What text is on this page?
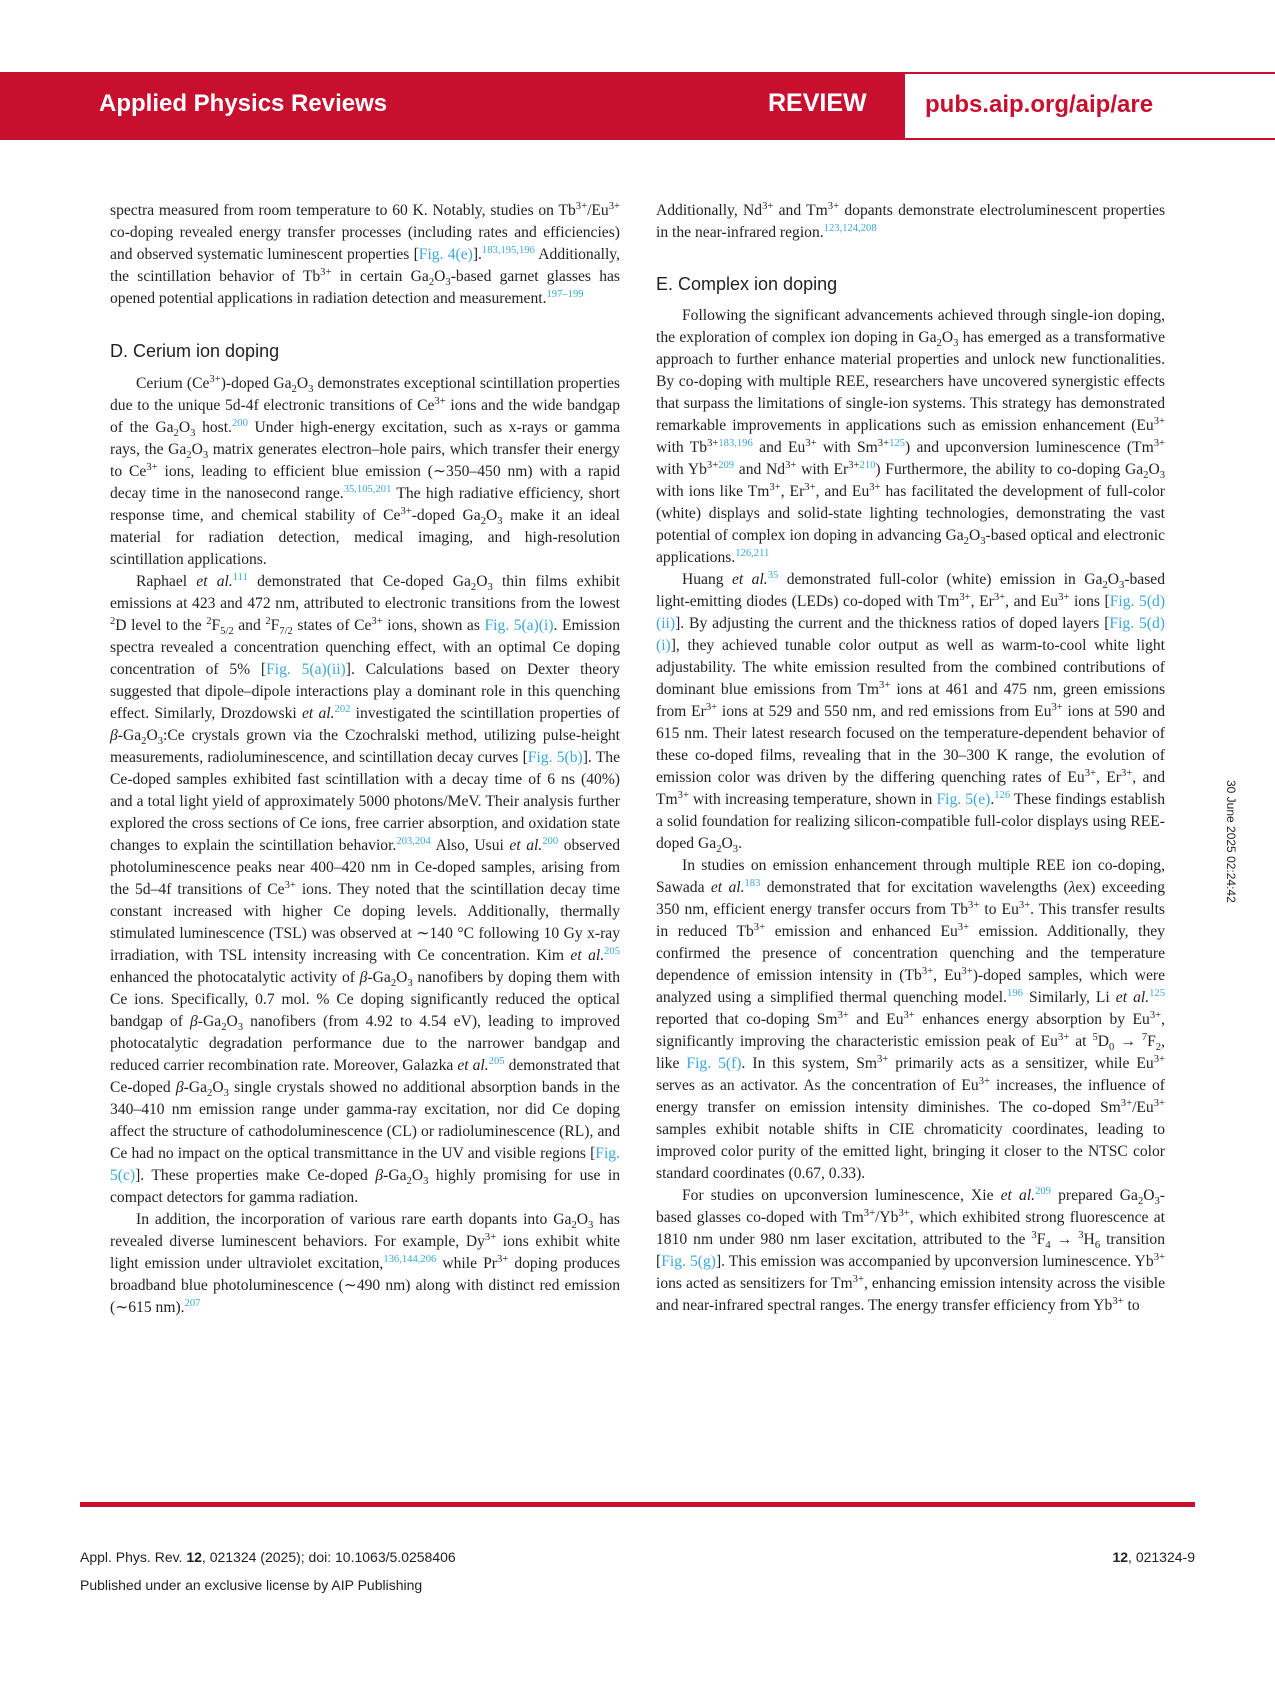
Applied Physics Reviews	REVIEW pubs.aip.org/aip/are

spectra measured from room temperature to 60 K. Notably, studies on $Tb^{3+}/Eu^{3+}$ co-doping revealed energy transfer processes (including rates and efficiencies) and observed systematic luminescent properties [Fig. 4(e)].$^{183,195,196}$ Additionally, the scintillation behavior of $Tb^{3+}$ in certain $Ga_2O_3$-based garnet glasses has opened potential applications in radiation detection and measurement.$^{197-199}$

D. Cerium ion doping

Cerium $(Ce^{3+})$-doped $Ga_2O_3$ demonstrates exceptional scintillation properties due to the unique 5d-4f electronic transitions of $Ce^{3+}$ ions and the wide bandgap of the $Ga_2O_3$ host.$^{200}$ Under high-energy excitation, such as x-rays or gamma rays, the $Ga_2O_3$ matrix generates electron–hole pairs, which transfer their energy to $Ce^{3+}$ ions, leading to efficient blue emission (∼350–450 nm) with a rapid decay time in the nanosecond range.$^{35,105,201}$ The high radiative efficiency, short response time, and chemical stability of $Ce^{3+}$-doped $Ga_2O_3$ make it an ideal material for radiation detection, medical imaging, and high-resolution scintillation applications.

Raphael et al.$^{111}$ demonstrated that Ce-doped $Ga_2O_3$ thin films exhibit emissions at 423 and 472 nm, attributed to electronic transitions from the lowest $^2$D level to the $^2F_{5/2}$ and $^2F_{7/2}$ states of $Ce^{3+}$ ions, shown as Fig. 5(a)(i). Emission spectra revealed a concentration quenching effect, with an optimal Ce doping concentration of 5% [Fig. 5(a)(ii)]. Calculations based on Dexter theory suggested that dipole–dipole interactions play a dominant role in this quenching effect. Similarly, Drozdowski et al.$^{202}$ investigated the scintillation properties of $\beta-Ga_2O_3:Ce$ crystals grown via the Czochralski method, utilizing pulse-height measurements, radioluminescence, and scintillation decay curves [Fig. 5(b)]. The Ce-doped samples exhibited fast scintillation with a decay time of 6 ns (40%) and a total light yield of approximately 5000 photons/MeV. Their analysis further explored the cross sections of Ce ions, free carrier absorption, and oxidation state changes to explain the scintillation behavior.$^{203,204}$ Also, Usui et al.$^{200}$ observed photoluminescence peaks near 400–420 nm in Ce-doped samples, arising from the 5d–4f transitions of $Ce^{3+}$ ions. They noted that the scintillation decay time constant increased with higher Ce doping levels. Additionally, thermally stimulated luminescence (TSL) was observed at ∼140 °C following 10 Gy x-ray irradiation, with TSL intensity increasing with Ce concentration. Kim et al.$^{205}$ enhanced the photocatalytic activity of $\beta-Ga_2O_3$ nanofibers by doping them with Ce ions. Specifically, 0.7 mol. % Ce doping significantly reduced the optical bandgap of $\beta-Ga_2O_3$ nanofibers (from 4.92 to 4.54 eV), leading to improved photocatalytic degradation performance due to the narrower bandgap and reduced carrier recombination rate. Moreover, Galazka et al.$^{205}$ demonstrated that Ce-doped $\beta-Ga_2O_3$ single crystals showed no additional absorption bands in the 340–410 nm emission range under gamma-ray excitation, nor did Ce doping affect the structure of cathodoluminescence (CL) or radioluminescence (RL), and Ce had no impact on the optical transmittance in the UV and visible regions [Fig. 5(c)]. These properties make Ce-doped $\beta-Ga_2O_3$ highly promising for use in compact detectors for gamma radiation.

In addition, the incorporation of various rare earth dopants into $Ga_2O_3$ has revealed diverse luminescent behaviors. For example, $Dy^{3+}$ ions exhibit white light emission under ultraviolet excitation,$^{136,144,206}$ while $Pr^{3+}$ doping produces broadband blue photoluminescence (∼490 nm) along with distinct red emission (∼615 nm).$^{207}$

Additionally, $Nd^{3+}$ and $Tm^{3+}$ dopants demonstrate electroluminescent properties in the near-infrared region.$^{123,124,208}$

E. Complex ion doping

Following the significant advancements achieved through single-ion doping, the exploration of complex ion doping in $Ga_2O_3$ has emerged as a transformative approach to further enhance material properties and unlock new functionalities. By co-doping with multiple REE, researchers have uncovered synergistic effects that surpass the limitations of single-ion systems. This strategy has demonstrated remarkable improvements in applications such as emission enhancement ($Eu^{3+}$ with $Tb^{3+183,196}$ and $Eu^{3+}$ with $Sm^{3+125}$) and upconversion luminescence ($Tm^{3+}$ with $Yb^{3+209}$ and $Nd^{3+}$ with $Er^{3+210}$) Furthermore, the ability to co-doping $Ga_2O_3$ with ions like $Tm^{3+}$, $Er^{3+}$, and $Eu^{3+}$ has facilitated the development of full-color (white) displays and solid-state lighting technologies, demonstrating the vast potential of complex ion doping in advancing $Ga_2O_3$-based optical and electronic applications.$^{126,211}$

Huang et al.$^{35}$ demonstrated full-color (white) emission in $Ga_2O_3$-based light-emitting diodes (LEDs) co-doped with $Tm^{3+}$, $Er^{3+}$, and $Eu^{3+}$ ions [Fig. 5(d)(ii)]. By adjusting the current and the thickness ratios of doped layers [Fig. 5(d)(i)], they achieved tunable color output as well as warm-to-cool white light adjustability. The white emission resulted from the combined contributions of dominant blue emissions from $Tm^{3+}$ ions at 461 and 475 nm, green emissions from $Er^{3+}$ ions at 529 and 550 nm, and red emissions from $Eu^{3+}$ ions at 590 and 615 nm. Their latest research focused on the temperature-dependent behavior of these co-doped films, revealing that in the 30–300 K range, the evolution of emission color was driven by the differing quenching rates of $Eu^{3+}$, $Er^{3+}$, and $Tm^{3+}$ with increasing temperature, shown in Fig. 5(e).$^{126}$ These findings establish a solid foundation for realizing silicon-compatible full-color displays using REE-doped $Ga_2O_3$.

In studies on emission enhancement through multiple REE ion co-doping, Sawada et al.$^{183}$ demonstrated that for excitation wavelengths (λex) exceeding 350 nm, efficient energy transfer occurs from $Tb^{3+}$ to $Eu^{3+}$. This transfer results in reduced $Tb^{3+}$ emission and enhanced $Eu^{3+}$ emission. Additionally, they confirmed the presence of concentration quenching and the temperature dependence of emission intensity in ($Tb^{3+}$, $Eu^{3+}$)-doped samples, which were analyzed using a simplified thermal quenching model.$^{196}$ Similarly, Li et al.$^{125}$ reported that co-doping $Sm^{3+}$ and $Eu^{3+}$ enhances energy absorption by $Eu^{3+}$, significantly improving the characteristic emission peak of $Eu^{3+}$ at $^5D_0 \to ^7F_2$, like Fig. 5(f). In this system, $Sm^{3+}$ primarily acts as a sensitizer, while $Eu^{3+}$ serves as an activator. As the concentration of $Eu^{3+}$ increases, the influence of energy transfer on emission intensity diminishes. The co-doped $Sm^{3+}/Eu^{3+}$ samples exhibit notable shifts in CIE chromaticity coordinates, leading to improved color purity of the emitted light, bringing it closer to the NTSC color standard coordinates (0.67, 0.33).

For studies on upconversion luminescence, Xie et al.$^{209}$ prepared $Ga_2O_3$-based glasses co-doped with $Tm^{3+}/Yb^{3+}$, which exhibited strong fluorescence at 1810 nm under 980 nm laser excitation, attributed to the $^3F_4 \to ^3H_6$ transition [Fig. 5(g)]. This emission was accompanied by upconversion luminescence. $Yb^{3+}$ ions acted as sensitizers for $Tm^{3+}$, enhancing emission intensity across the visible and near-infrared spectral ranges. The energy transfer efficiency from $Yb^{3+}$ to

30 June 2025 02:24:42
Appl. Phys. Rev. 12, 021324 (2025); doi: 10.1063/5.0258406
Published under an exclusive license by AIP Publishing
12, 021324-9
